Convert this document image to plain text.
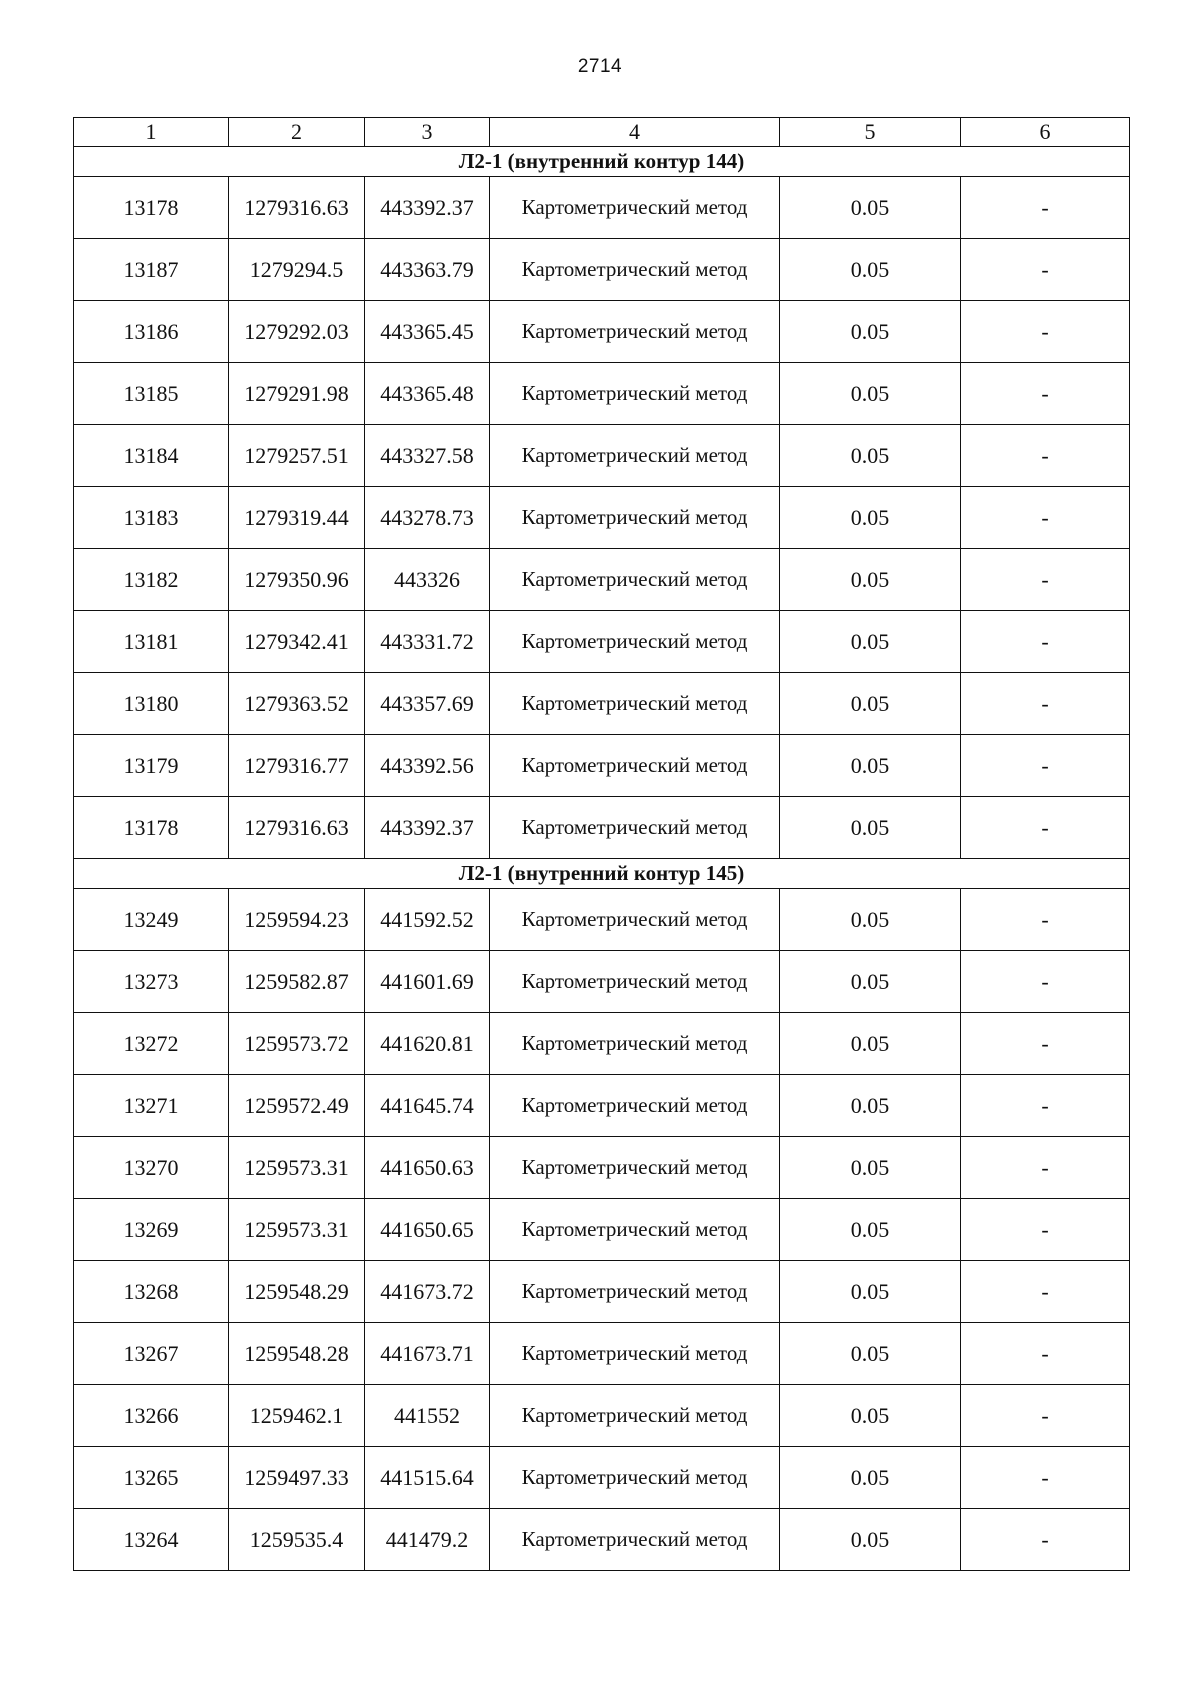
2714
1	2	3	4	5	6
Л2-1 (внутренний контур 144)					
13178	1279316.63	443392.37	Картометрический метод	0.05	-
13187	1279294.5	443363.79	Картометрический метод	0.05	-
13186	1279292.03	443365.45	Картометрический метод	0.05	-
13185	1279291.98	443365.48	Картометрический метод	0.05	-
13184	1279257.51	443327.58	Картометрический метод	0.05	-
13183	1279319.44	443278.73	Картометрический метод	0.05	-
13182	1279350.96	443326	Картометрический метод	0.05	-
13181	1279342.41	443331.72	Картометрический метод	0.05	-
13180	1279363.52	443357.69	Картометрический метод	0.05	-
13179	1279316.77	443392.56	Картометрический метод	0.05	-
13178	1279316.63	443392.37	Картометрический метод	0.05	-
Л2-1 (внутренний контур 145)					
13249	1259594.23	441592.52	Картометрический метод	0.05	-
13273	1259582.87	441601.69	Картометрический метод	0.05	-
13272	1259573.72	441620.81	Картометрический метод	0.05	-
13271	1259572.49	441645.74	Картометрический метод	0.05	-
13270	1259573.31	441650.63	Картометрический метод	0.05	-
13269	1259573.31	441650.65	Картометрический метод	0.05	-
13268	1259548.29	441673.72	Картометрический метод	0.05	-
13267	1259548.28	441673.71	Картометрический метод	0.05	-
13266	1259462.1	441552	Картометрический метод	0.05	-
13265	1259497.33	441515.64	Картометрический метод	0.05	-
13264	1259535.4	441479.2	Картометрический метод	0.05	-
